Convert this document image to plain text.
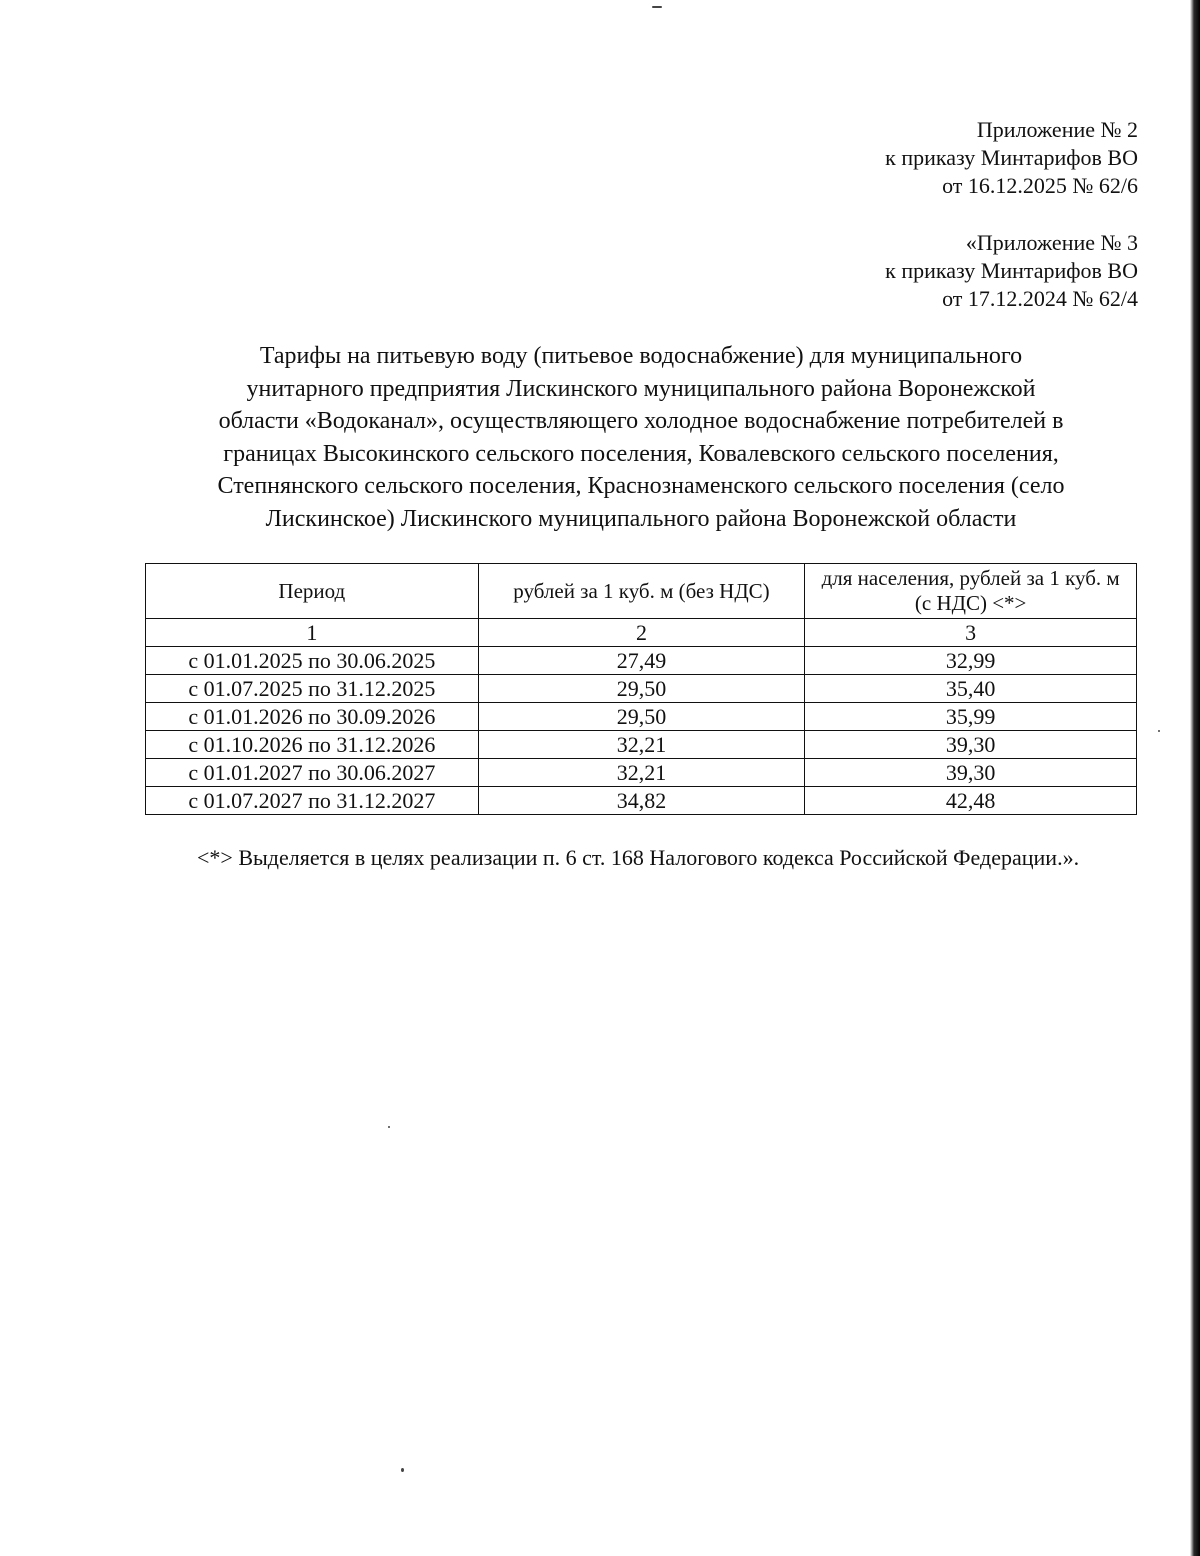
Приложение № 2
к приказу Минтарифов ВО
от 16.12.2025 № 62/6
«Приложение № 3
к приказу Минтарифов ВО
от 17.12.2024 № 62/4
Тарифы на питьевую воду (питьевое водоснабжение) для муниципального
унитарного предприятия Лискинского муниципального района Воронежской
области «Водоканал», осуществляющего холодное водоснабжение потребителей в
границах Высокинского сельского поселения, Ковалевского сельского поселения,
Степнянского сельского поселения, Краснознаменского сельского поселения (село
Лискинское) Лискинского муниципального района Воронежской области
Период	рублей за 1 куб. м (без НДС)	для населения, рублей за 1 куб. м (с НДС) <*>
1	2	3
с 01.01.2025 по 30.06.2025	27,49	32,99
с 01.07.2025 по 31.12.2025	29,50	35,40
с 01.01.2026 по 30.09.2026	29,50	35,99
с 01.10.2026 по 31.12.2026	32,21	39,30
с 01.01.2027 по 30.06.2027	32,21	39,30
с 01.07.2027 по 31.12.2027	34,82	42,48
<*> Выделяется в целях реализации п. 6 ст. 168 Налогового кодекса Российской Федерации.».
